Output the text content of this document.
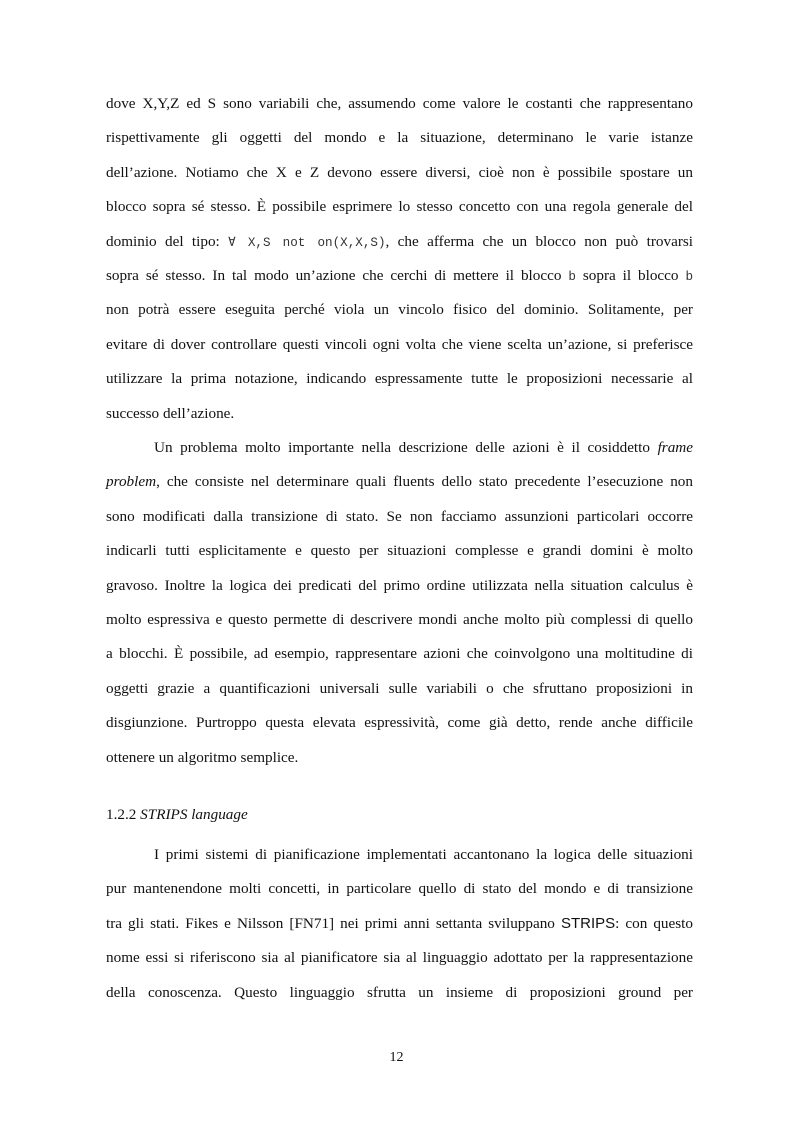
dove X,Y,Z ed S sono variabili che, assumendo come valore le costanti che rappresentano
rispettivamente gli oggetti del mondo e la situazione, determinano le varie istanze
dell’azione. Notiamo che X e Z devono essere diversi, cioè non è possibile spostare un
blocco sopra sé stesso. È possibile esprimere lo stesso concetto con una regola generale del
dominio del tipo: ∀ X,S not on(X,X,S), che afferma che un blocco non può trovarsi
sopra sé stesso. In tal modo un’azione che cerchi di mettere il blocco b sopra il blocco b
non potrà essere eseguita perché viola un vincolo fisico del dominio. Solitamente, per
evitare di dover controllare questi vincoli ogni volta che viene scelta un’azione, si preferisce
utilizzare la prima notazione, indicando espressamente tutte le proposizioni necessarie al
successo dell’azione.
Un problema molto importante nella descrizione delle azioni è il cosiddetto frame
problem, che consiste nel determinare quali fluents dello stato precedente l’esecuzione non
sono modificati dalla transizione di stato. Se non facciamo assunzioni particolari occorre
indicarli tutti esplicitamente e questo per situazioni complesse e grandi domini è molto
gravoso. Inoltre la logica dei predicati del primo ordine utilizzata nella situation calculus è
molto espressiva e questo permette di descrivere mondi anche molto più complessi di quello
a blocchi. È possibile, ad esempio, rappresentare azioni che coinvolgono una moltitudine di
oggetti grazie a quantificazioni universali sulle variabili o che sfruttano proposizioni in
disgiunzione. Purtroppo questa elevata espressività, come già detto, rende anche difficile
ottenere un algoritmo semplice.
1.2.2 STRIPS language
I primi sistemi di pianificazione implementati accantonano la logica delle situazioni
pur mantenendone molti concetti, in particolare quello di stato del mondo e di transizione
tra gli stati. Fikes e Nilsson [FN71] nei primi anni settanta sviluppano STRIPS: con questo
nome essi si riferiscono sia al pianificatore sia al linguaggio adottato per la rappresentazione
della conoscenza. Questo linguaggio sfrutta un insieme di proposizioni ground per
12
